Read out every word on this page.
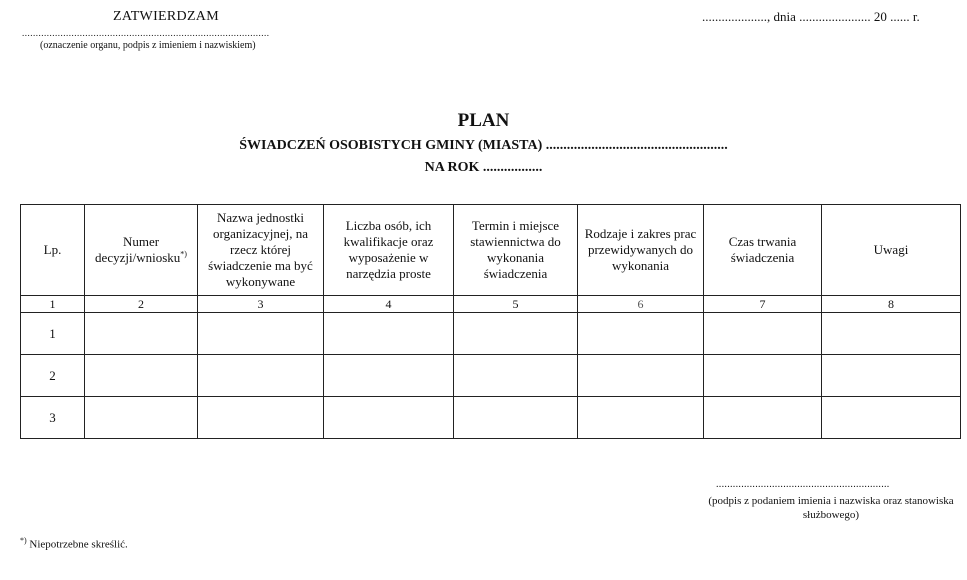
ZATWIERDZAM
..........................................................................................
(oznaczenie organu, podpis z imieniem i nazwiskiem)
...................., dnia ...................... 20 ...... r.
PLAN
ŚWIADCZEŃ OSOBISTYCH GMINY (MIASTA) ....................................................
NA ROK .................
Lp.	Numer decyzji/wniosku*)	Nazwa jednostki organizacyjnej, na rzecz której świadczenie ma być wykonywane	Liczba osób, ich kwalifikacje oraz wyposażenie w narzędzia proste	Termin i miejsce stawiennictwa do wykonania świadczenia	Rodzaje i zakres prac przewidywanych do wykonania	Czas trwania świadczenia	Uwagi
1	2	3	4	5	6	7	8
1							
2							
3							
..............................................................
(podpis z podaniem imienia i nazwiska oraz stanowiska służbowego)
*) Niepotrzebne skreślić.
